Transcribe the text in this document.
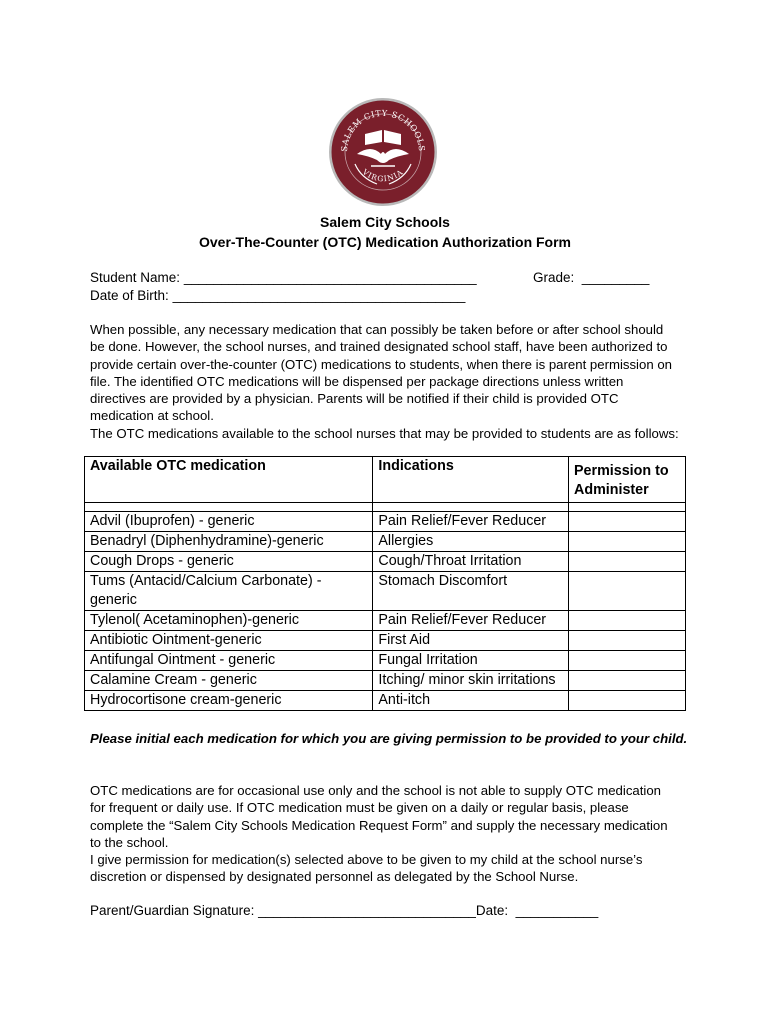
SALEM CITY SCHOOLS
VIRGINIA
Salem City Schools
Over-The-Counter (OTC) Medication Authorization Form
Student Name: _______________________________________	Grade: _________
Date of Birth: _______________________________________
When possible, any necessary medication that can possibly be taken before or after school should be done. However, the school nurses, and trained designated school staff, have been authorized to provide certain over-the-counter (OTC) medications to students, when there is parent permission on file. The identified OTC medications will be dispensed per package directions unless written directives are provided by a physician. Parents will be notified if their child is provided OTC medication at school.
The OTC medications available to the school nurses that may be provided to students are as follows:
Available OTC medication	Indications	Permission to Administer

Advil (Ibuprofen) - generic	Pain Relief/Fever Reducer	
Benadryl (Diphenhydramine)-generic	Allergies	
Cough Drops - generic	Cough/Throat Irritation	
Tums (Antacid/Calcium Carbonate) - generic	Stomach Discomfort	
Tylenol( Acetaminophen)-generic	Pain Relief/Fever Reducer	
Antibiotic Ointment-generic	First Aid	
Antifungal Ointment - generic	Fungal Irritation	
Calamine Cream - generic	Itching/ minor skin irritations	
Hydrocortisone cream-generic	Anti-itch	
Please initial each medication for which you are giving permission to be provided to your child.
OTC medications are for occasional use only and the school is not able to supply OTC medication for frequent or daily use. If OTC medication must be given on a daily or regular basis, please complete the “Salem City Schools Medication Request Form” and supply the necessary medication to the school.
I give permission for medication(s) selected above to be given to my child at the school nurse’s discretion or dispensed by designated personnel as delegated by the School Nurse.
Parent/Guardian Signature: _____________________________Date: ___________
